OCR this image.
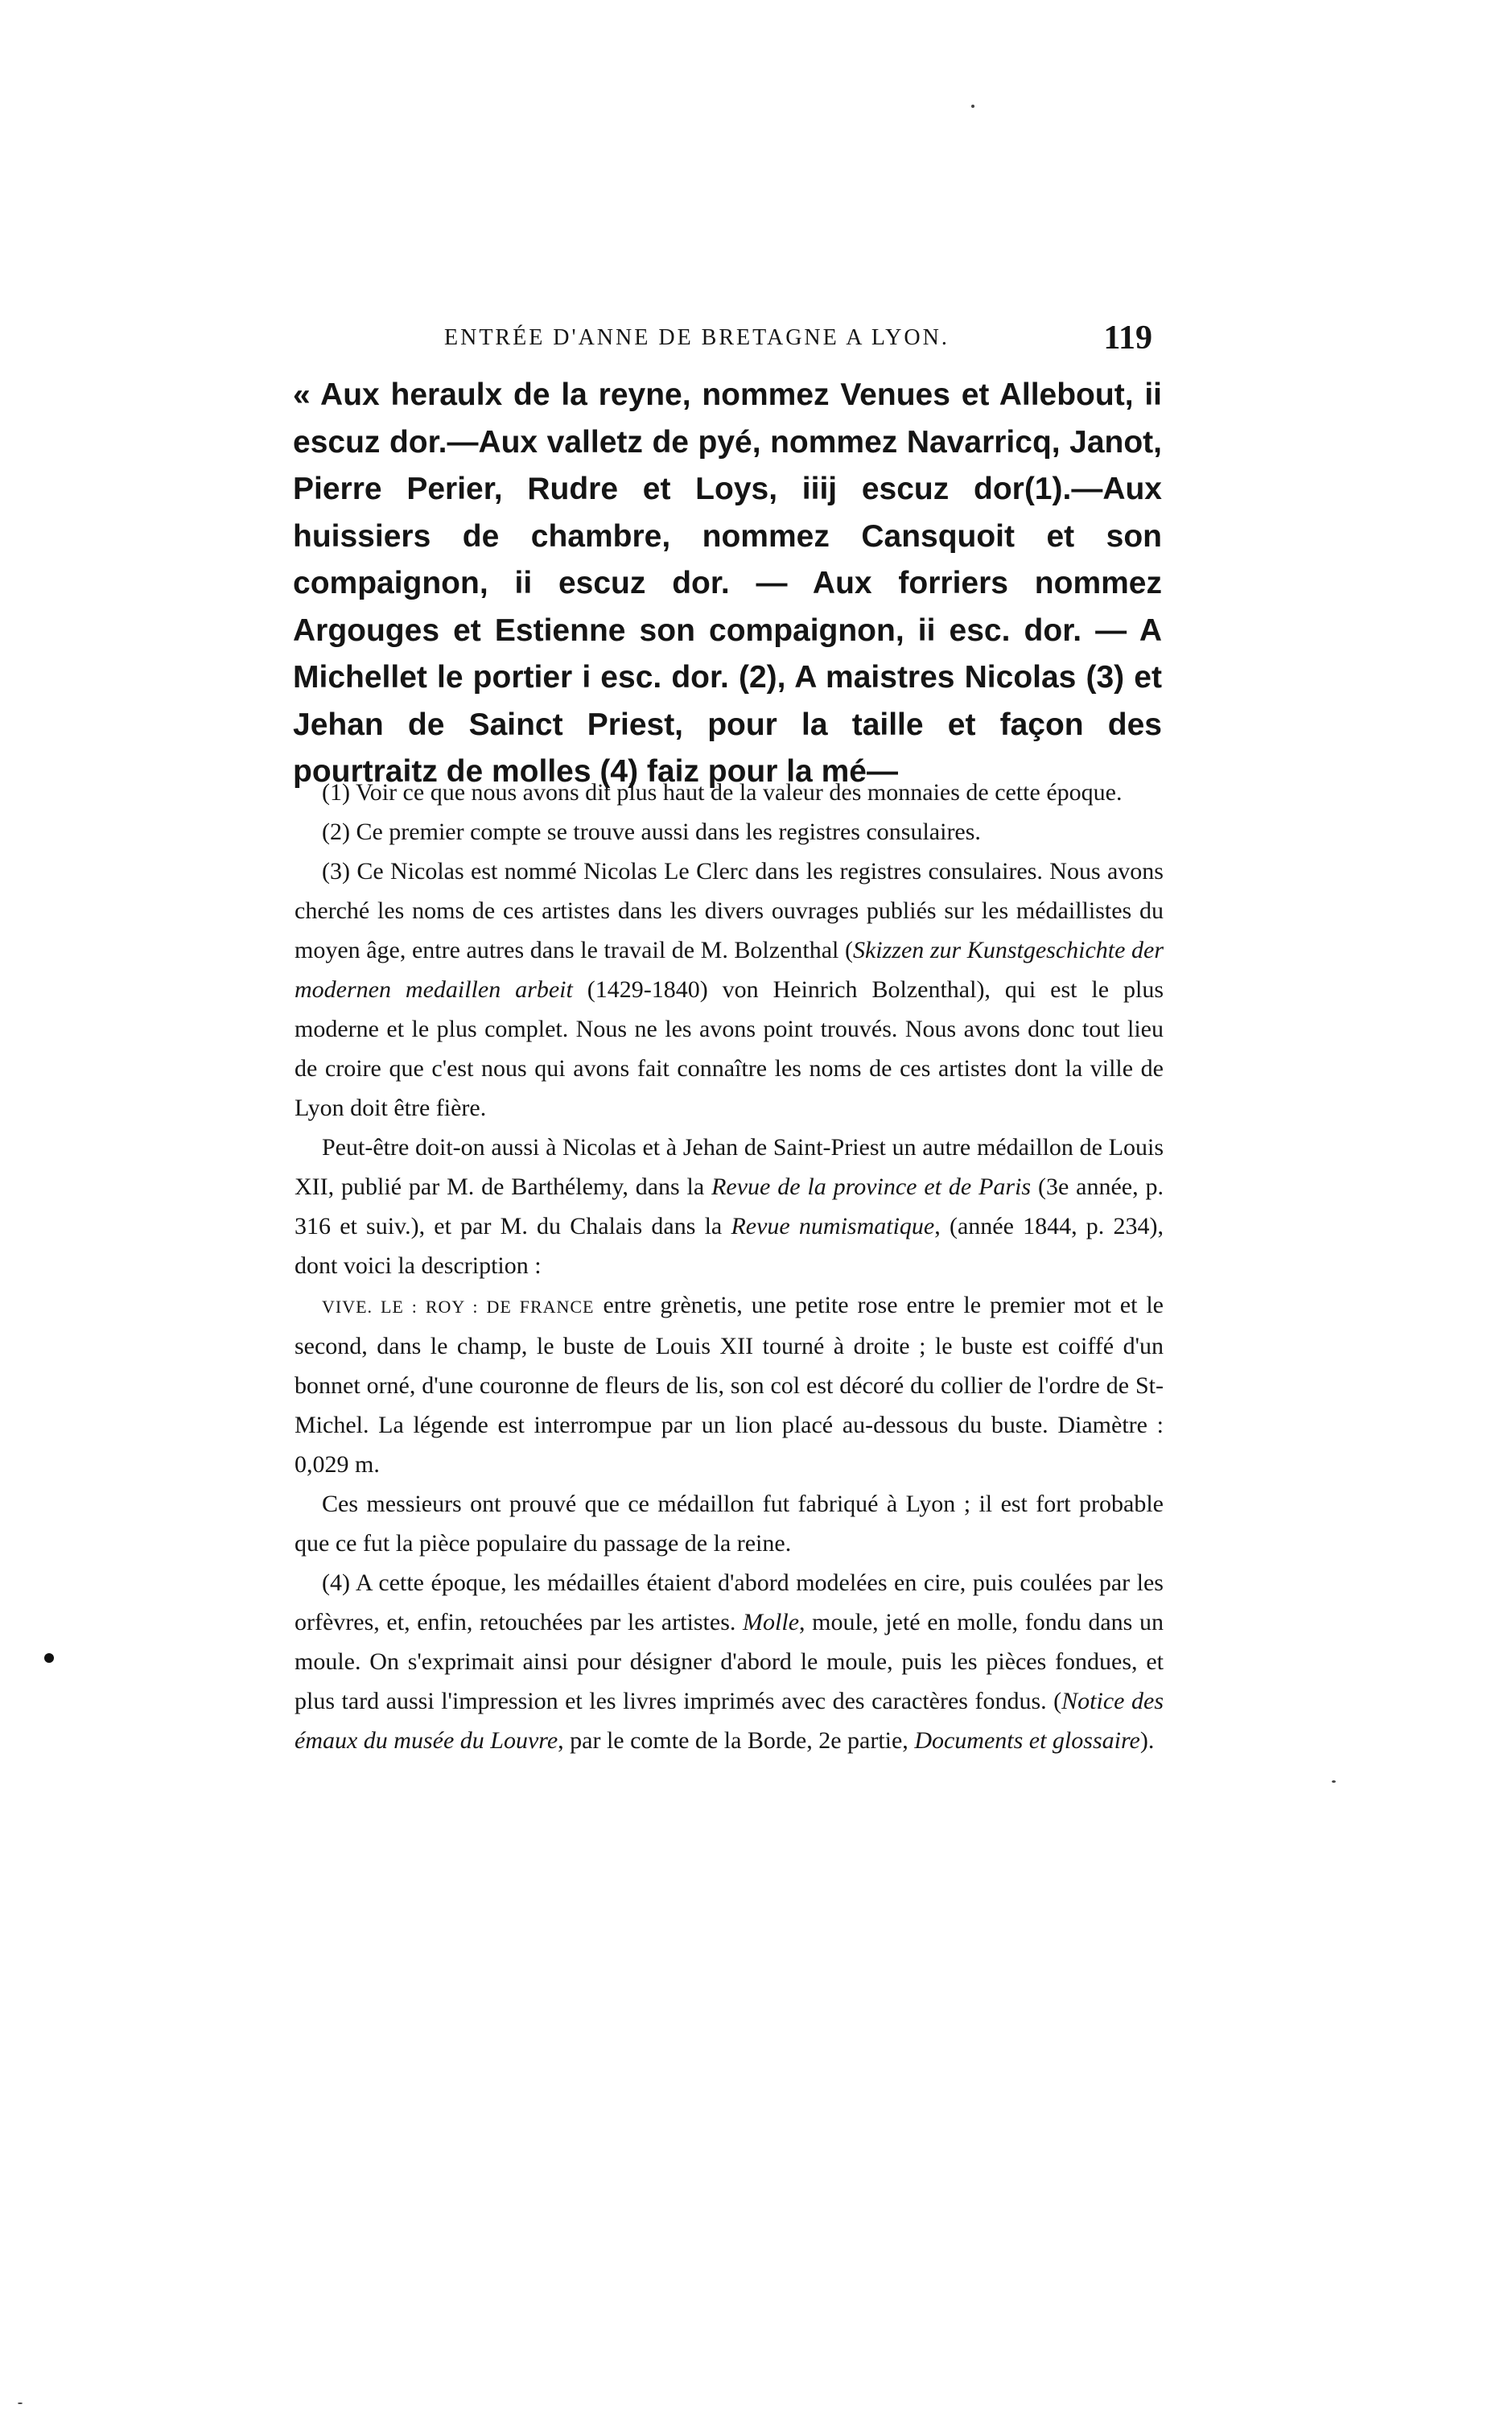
ENTRÉE D'ANNE DE BRETAGNE A LYON.	119

« Aux heraulx de la reyne, nommez Venues et Allebout, ii escuz dor.—Aux valletz de pyé, nommez Navarricq, Janot, Pierre Perier, Rudre et Loys, iiij escuz dor(1).—Aux huissiers de chambre, nommez Cansquoit et son compaignon, ii escuz dor. — Aux forriers nommez Argouges et Estienne son compaignon, ii esc. dor. — A Michellet le portier i esc. dor. (2), A maistres Nicolas (3) et Jehan de Sainct Priest, pour la taille et façon des pourtraitz de molles (4) faiz pour la mé—

(1) Voir ce que nous avons dit plus haut de la valeur des monnaies de cette époque.

(2) Ce premier compte se trouve aussi dans les registres consulaires.

(3) Ce Nicolas est nommé Nicolas Le Clerc dans les registres consulaires. Nous avons cherché les noms de ces artistes dans les divers ouvrages publiés sur les médaillistes du moyen âge, entre autres dans le travail de M. Bolzenthal (Skizzen zur Kunstgeschichte der modernen medaillen arbeit (1429-1840) von Heinrich Bolzenthal), qui est le plus moderne et le plus complet. Nous ne les avons point trouvés. Nous avons donc tout lieu de croire que c'est nous qui avons fait connaître les noms de ces artistes dont la ville de Lyon doit être fière.

Peut-être doit-on aussi à Nicolas et à Jehan de Saint-Priest un autre médaillon de Louis XII, publié par M. de Barthélemy, dans la Revue de la province et de Paris (3e année, p. 316 et suiv.), et par M. du Chalais dans la Revue numismatique, (année 1844, p. 234), dont voici la description :

VIVE. LE : ROY : DE FRANCE entre grènetis, une petite rose entre le premier mot et le second, dans le champ, le buste de Louis XII tourné à droite ; le buste est coiffé d'un bonnet orné, d'une couronne de fleurs de lis, son col est décoré du collier de l'ordre de St-Michel. La légende est interrompue par un lion placé au-dessous du buste. Diamètre : 0,029 m.

Ces messieurs ont prouvé que ce médaillon fut fabriqué à Lyon ; il est fort probable que ce fut la pièce populaire du passage de la reine.

(4) A cette époque, les médailles étaient d'abord modelées en cire, puis coulées par les orfèvres, et, enfin, retouchées par les artistes. Molle, moule, jeté en molle, fondu dans un moule. On s'exprimait ainsi pour désigner d'abord le moule, puis les pièces fondues, et plus tard aussi l'impression et les livres imprimés avec des caractères fondus. (Notice des émaux du musée du Louvre, par le comte de la Borde, 2e partie, Documents et glossaire).
